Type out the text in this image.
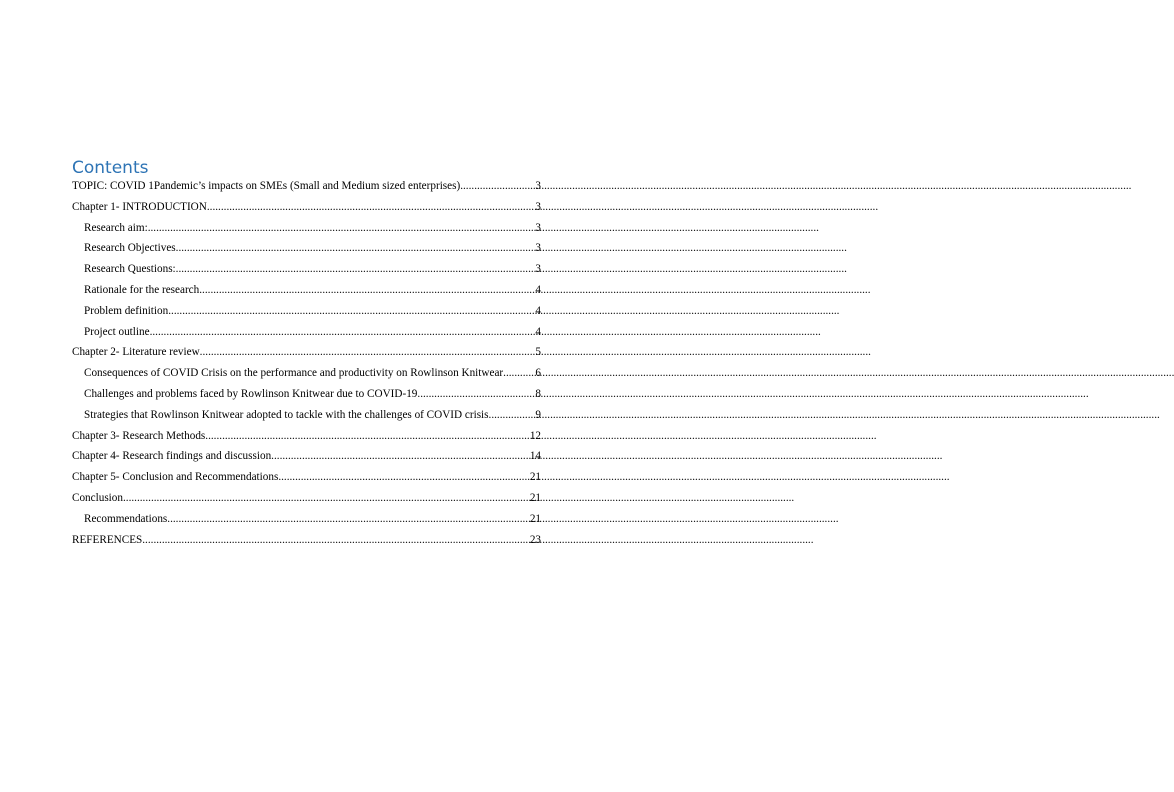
Contents
TOPIC: COVID 1Pandemic’s impacts on SMEs (Small and Medium sized enterprises) .....	3
Chapter 1- INTRODUCTION .....	3
Research aim: .....	3
Research Objectives .....	3
Research Questions: .....	3
Rationale for the research .....	4
Problem definition .....	4
Project outline .....	4
Chapter 2- Literature review .....	5
Consequences of COVID Crisis on the performance and productivity on Rowlinson Knitwear .....	6
Challenges and problems faced by Rowlinson Knitwear due to COVID-19 .....	8
Strategies that Rowlinson Knitwear adopted to tackle with the challenges of COVID crisis .....	9
Chapter 3- Research Methods .....	12
Chapter 4- Research findings and discussion .....	14
Chapter 5- Conclusion and Recommendations .....	21
Conclusion .....	21
Recommendations .....	21
REFERENCES .....	23
